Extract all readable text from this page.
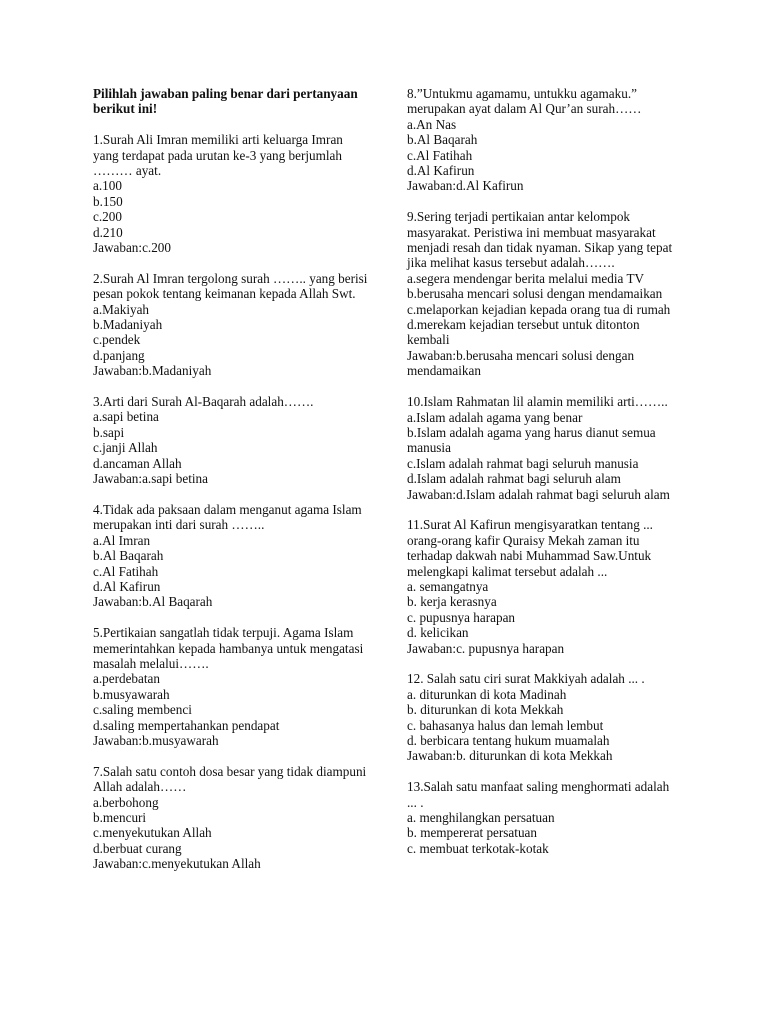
Pilihlah jawaban paling benar dari pertanyaan berikut ini!

1.Surah Ali Imran memiliki arti keluarga Imran yang terdapat pada urutan ke-3 yang berjumlah ……… ayat.

a.100
b.150
c.200
d.210

Jawaban:c.200

2.Surah Al Imran tergolong surah …….. yang berisi pesan pokok tentang keimanan kepada Allah Swt.

a.Makiyah
b.Madaniyah
c.pendek
d.panjang

Jawaban:b.Madaniyah

3.Arti dari Surah Al-Baqarah adalah…….

a.sapi betina
b.sapi
c.janji Allah
d.ancaman Allah

Jawaban:a.sapi betina

4.Tidak ada paksaan dalam menganut agama Islam merupakan inti dari surah ……..

a.Al Imran
b.Al Baqarah
c.Al Fatihah
d.Al Kafirun

Jawaban:b.Al Baqarah

5.Pertikaian sangatlah tidak terpuji. Agama Islam memerintahkan kepada hambanya untuk mengatasi masalah melalui…….

a.perdebatan
b.musyawarah
c.saling membenci
d.saling mempertahankan pendapat

Jawaban:b.musyawarah

7.Salah satu contoh dosa besar yang tidak diampuni Allah adalah……

a.berbohong
b.mencuri
c.menyekutukan Allah
d.berbuat curang

Jawaban:c.menyekutukan Allah

8.”Untukmu agamamu, untukku agamaku.” merupakan ayat dalam Al Qur’an surah……

a.An Nas
b.Al Baqarah
c.Al Fatihah
d.Al Kafirun

Jawaban:d.Al Kafirun

9.Sering terjadi pertikaian antar kelompok masyarakat. Peristiwa ini membuat masyarakat menjadi resah dan tidak nyaman. Sikap yang tepat jika melihat kasus tersebut adalah…….

a.segera mendengar berita melalui media TV
b.berusaha mencari solusi dengan mendamaikan
c.melaporkan kejadian kepada orang tua di rumah
d.merekam kejadian tersebut untuk ditonton kembali

Jawaban:b.berusaha mencari solusi dengan mendamaikan

10.Islam Rahmatan lil alamin memiliki arti……..

a.Islam adalah agama yang benar
b.Islam adalah agama yang harus dianut semua manusia
c.Islam adalah rahmat bagi seluruh manusia
d.Islam adalah rahmat bagi seluruh alam

Jawaban:d.Islam adalah rahmat bagi seluruh alam

11.Surat Al Kafirun mengisyaratkan tentang ... orang-orang kafir Quraisy Mekah zaman itu terhadap dakwah nabi Muhammad Saw.Untuk melengkapi kalimat tersebut adalah ...

a. semangatnya
b. kerja kerasnya
c. pupusnya harapan
d. kelicikan

Jawaban:c. pupusnya harapan

12. Salah satu ciri surat Makkiyah adalah ... .

a. diturunkan di kota Madinah
b. diturunkan di kota Mekkah
c. bahasanya halus dan lemah lembut
d. berbicara tentang hukum muamalah

Jawaban:b. diturunkan di kota Mekkah

13.Salah satu manfaat saling menghormati adalah ... .

a. menghilangkan persatuan
b. mempererat persatuan
c. membuat terkotak-kotak
